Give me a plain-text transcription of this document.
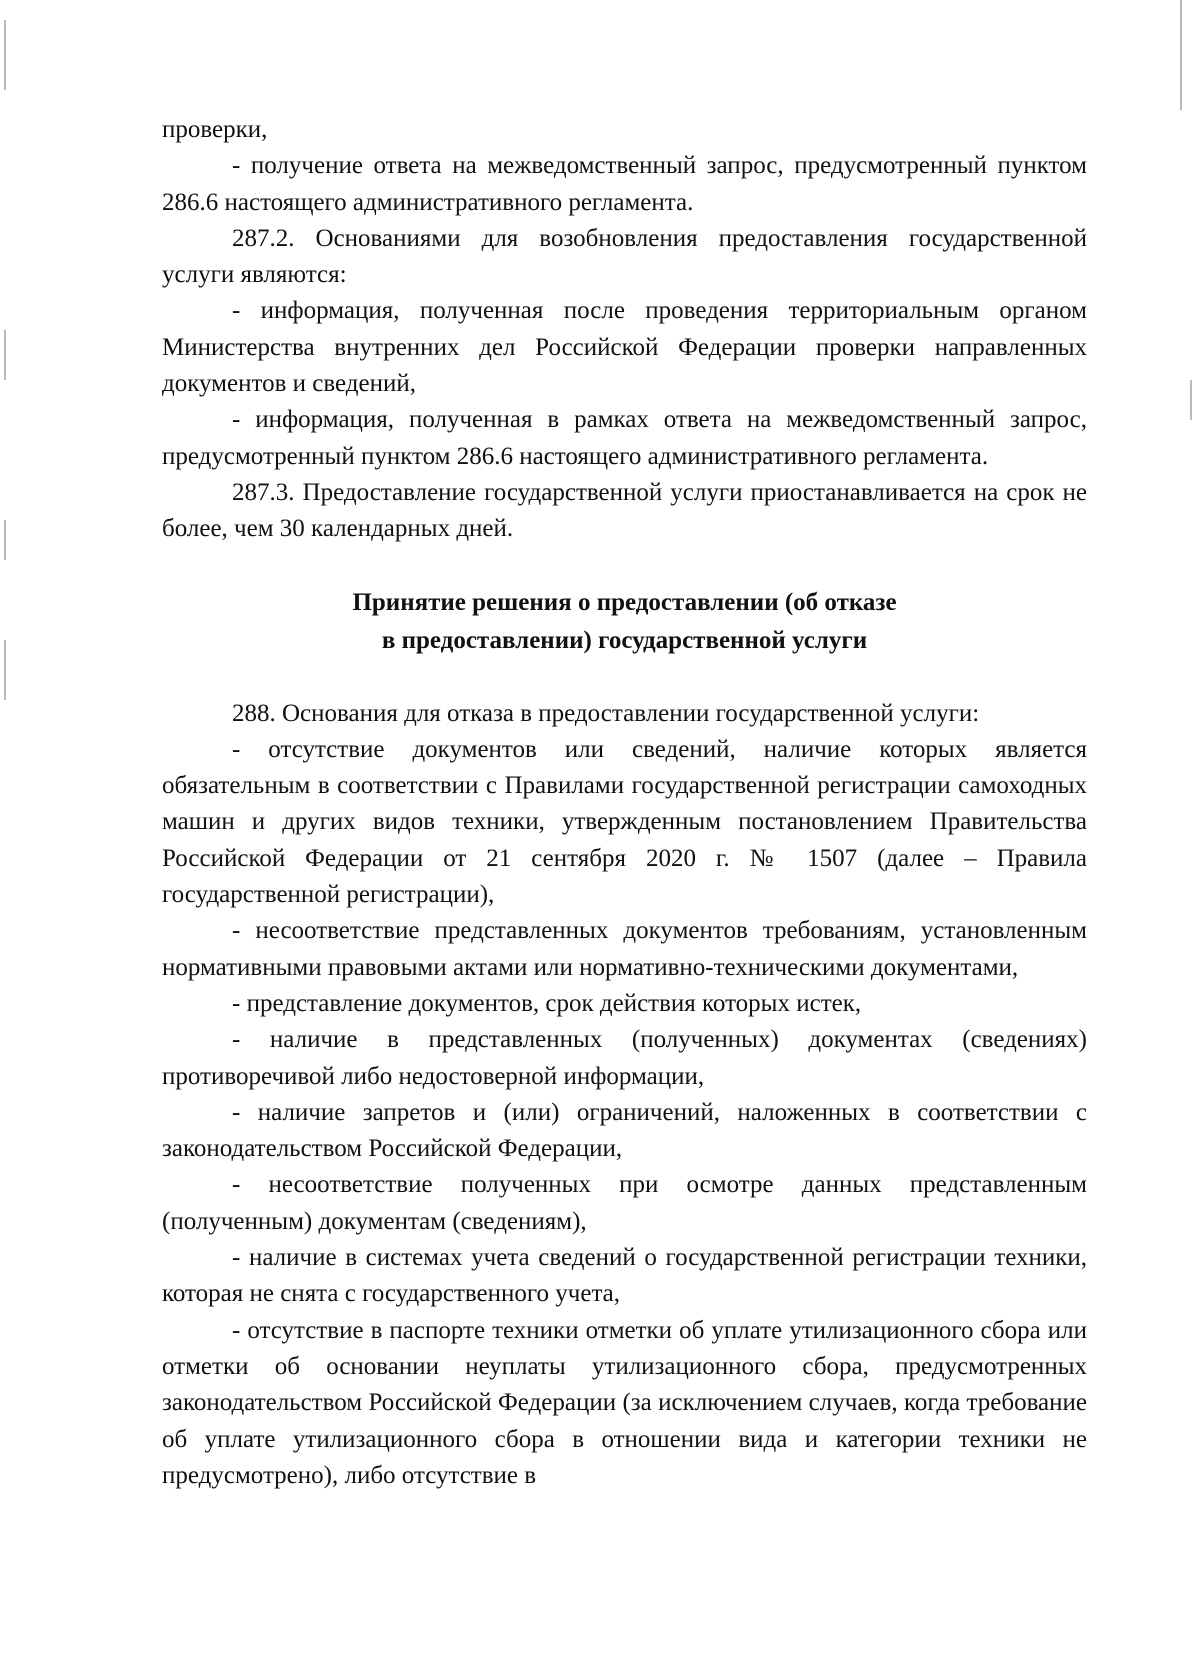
проверки,

- получение ответа на межведомственный запрос, предусмотренный пунктом 286.6 настоящего административного регламента.

287.2. Основаниями для возобновления предоставления государственной услуги являются:

- информация, полученная после проведения территориальным органом Министерства внутренних дел Российской Федерации проверки направленных документов и сведений,

- информация, полученная в рамках ответа на межведомственный запрос, предусмотренный пунктом 286.6 настоящего административного регламента.

287.3. Предоставление государственной услуги приостанавливается на срок не более, чем 30 календарных дней.

Принятие решения о предоставлении (об отказе
в предоставлении) государственной услуги

288. Основания для отказа в предоставлении государственной услуги:

- отсутствие документов или сведений, наличие которых является обязательным в соответствии с Правилами государственной регистрации самоходных машин и других видов техники, утвержденным постановлением Правительства Российской Федерации от 21 сентября 2020 г. № 1507 (далее – Правила государственной регистрации),

- несоответствие представленных документов требованиям, установленным нормативными правовыми актами или нормативно-техническими документами,

- представление документов, срок действия которых истек,

- наличие в представленных (полученных) документах (сведениях) противоречивой либо недостоверной информации,

- наличие запретов и (или) ограничений, наложенных в соответствии с законодательством Российской Федерации,

- несоответствие полученных при осмотре данных представленным (полученным) документам (сведениям),

- наличие в системах учета сведений о государственной регистрации техники, которая не снята с государственного учета,

- отсутствие в паспорте техники отметки об уплате утилизационного сбора или отметки об основании неуплаты утилизационного сбора, предусмотренных законодательством Российской Федерации (за исключением случаев, когда требование об уплате утилизационного сбора в отношении вида и категории техники не предусмотрено), либо отсутствие в
